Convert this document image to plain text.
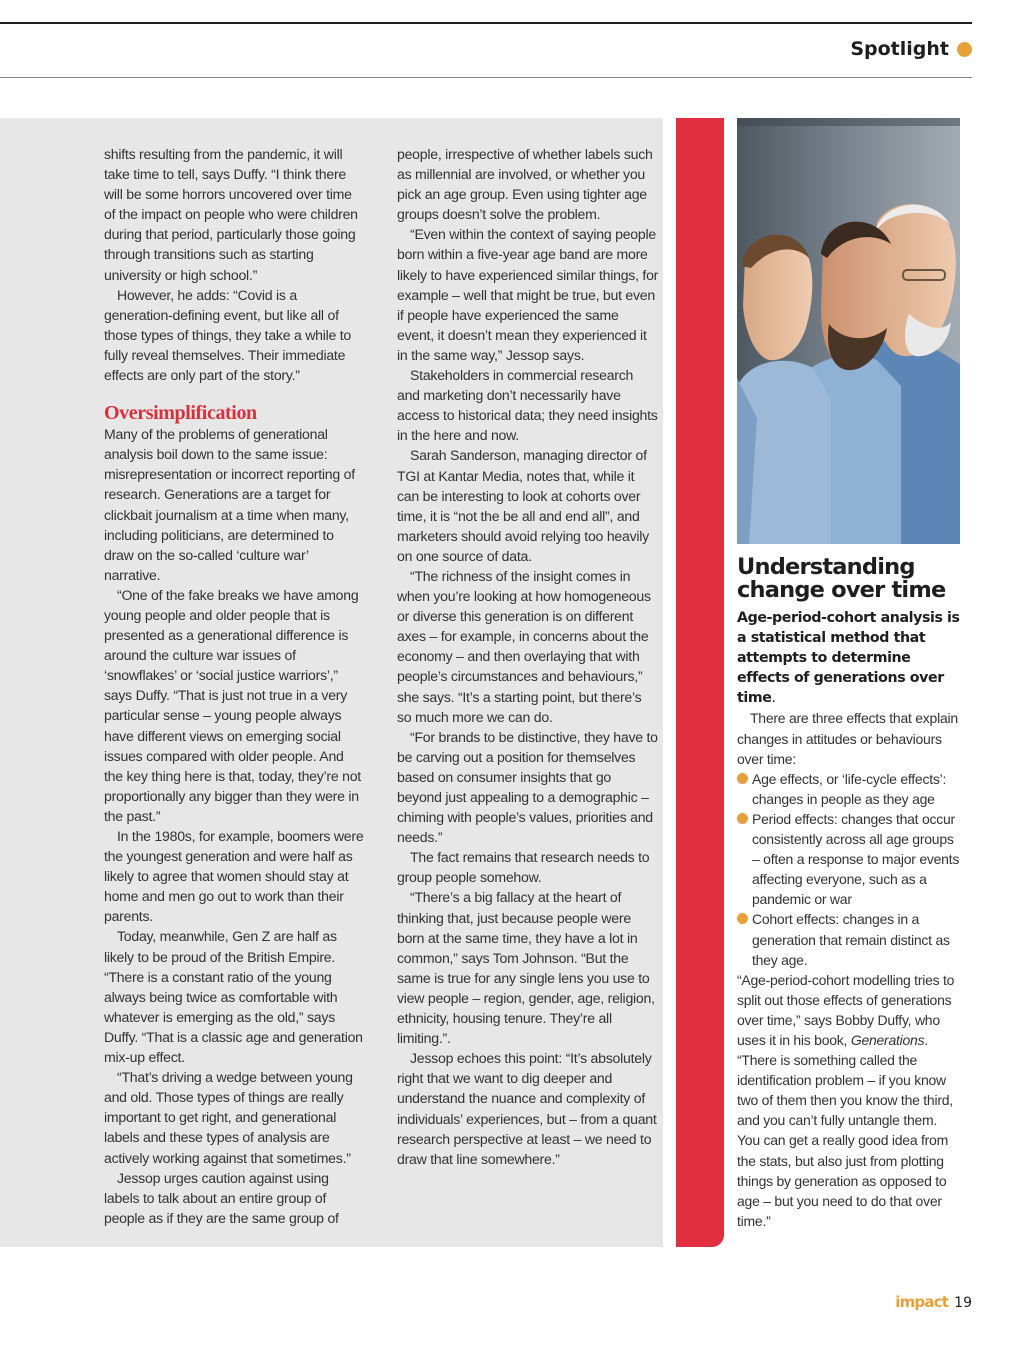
Spotlight

shifts resulting from the pandemic, it will take time to tell, says Duffy. “I think there will be some horrors uncovered over time of the impact on people who were children during that period, particularly those going through transitions such as starting university or high school.”

However, he adds: “Covid is a generation-defining event, but like all of those types of things, they take a while to fully reveal themselves. Their immediate effects are only part of the story.”

Oversimplification

Many of the problems of generational analysis boil down to the same issue: misrepresentation or incorrect reporting of research. Generations are a target for clickbait journalism at a time when many, including politicians, are determined to draw on the so-called ‘culture war’ narrative.

“One of the fake breaks we have among young people and older people that is presented as a generational difference is around the culture war issues of ‘snowflakes’ or ‘social justice warriors’,” says Duffy. “That is just not true in a very particular sense – young people always have different views on emerging social issues compared with older people. And the key thing here is that, today, they’re not proportionally any bigger than they were in the past.”

In the 1980s, for example, boomers were the youngest generation and were half as likely to agree that women should stay at home and men go out to work than their parents.

Today, meanwhile, Gen Z are half as likely to be proud of the British Empire. “There is a constant ratio of the young always being twice as comfortable with whatever is emerging as the old,” says Duffy. “That is a classic age and generation mix-up effect.

“That’s driving a wedge between young and old. Those types of things are really important to get right, and generational labels and these types of analysis are actively working against that sometimes.”

Jessop urges caution against using labels to talk about an entire group of people as if they are the same group of

people, irrespective of whether labels such as millennial are involved, or whether you pick an age group. Even using tighter age groups doesn’t solve the problem.

“Even within the context of saying people born within a five-year age band are more likely to have experienced similar things, for example – well that might be true, but even if people have experienced the same event, it doesn’t mean they experienced it in the same way,” Jessop says.

Stakeholders in commercial research and marketing don’t necessarily have access to historical data; they need insights in the here and now.

Sarah Sanderson, managing director of TGI at Kantar Media, notes that, while it can be interesting to look at cohorts over time, it is “not the be all and end all”, and marketers should avoid relying too heavily on one source of data.

“The richness of the insight comes in when you’re looking at how homogeneous or diverse this generation is on different axes – for example, in concerns about the economy – and then overlaying that with people’s circumstances and behaviours,” she says. “It’s a starting point, but there’s so much more we can do.

“For brands to be distinctive, they have to be carving out a position for themselves based on consumer insights that go beyond just appealing to a demographic – chiming with people’s values, priorities and needs.”

The fact remains that research needs to group people somehow.

“There’s a big fallacy at the heart of thinking that, just because people were born at the same time, they have a lot in common,” says Tom Johnson. “But the same is true for any single lens you use to view people – region, gender, age, religion, ethnicity, housing tenure. They’re all limiting.”.

Jessop echoes this point: “It’s absolutely right that we want to dig deeper and understand the nuance and complexity of individuals’ experiences, but – from a quant research perspective at least – we need to draw that line somewhere.”

Understanding change over time

Age-period-cohort analysis is a statistical method that attempts to determine effects of generations over time.

There are three effects that explain changes in attitudes or behaviours over time:

Age effects, or ‘life-cycle effects’: changes in people as they age
Period effects: changes that occur consistently across all age groups – often a response to major events affecting everyone, such as a pandemic or war
Cohort effects: changes in a generation that remain distinct as they age.

“Age-period-cohort modelling tries to split out those effects of generations over time,” says Bobby Duffy, who uses it in his book, Generations. “There is something called the identification problem – if you know two of them then you know the third, and you can’t fully untangle them. You can get a really good idea from the stats, but also just from plotting things by generation as opposed to age – but you need to do that over time.”

impact 19
